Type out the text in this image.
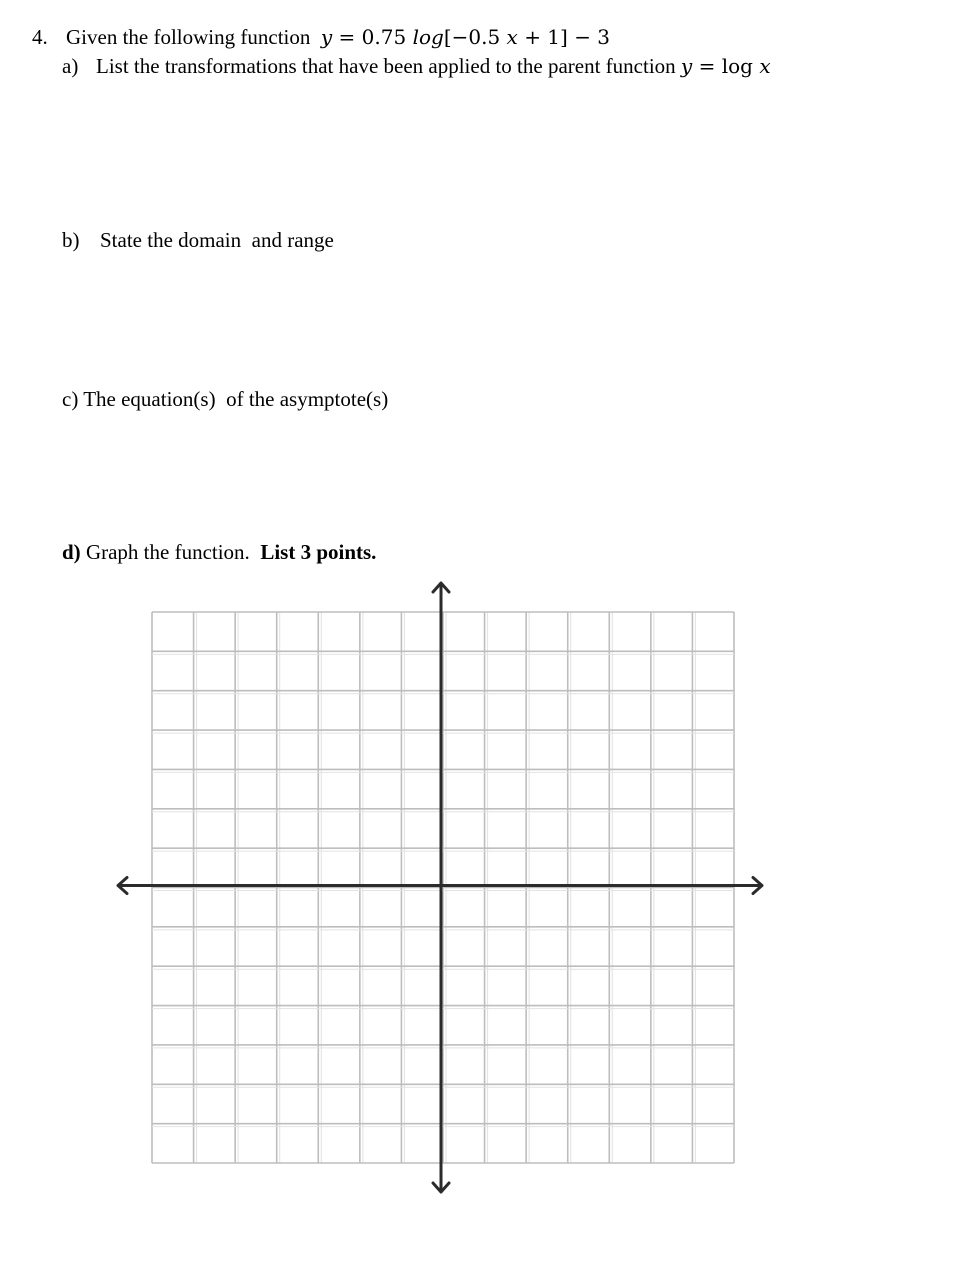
4. Given the following function y = 0.75 log[−0.5 x + 1] − 3
a) List the transformations that have been applied to the parent function y = log x
b) State the domain  and range
c) The equation(s)  of the asymptote(s)
d) Graph the function. List 3 points.
